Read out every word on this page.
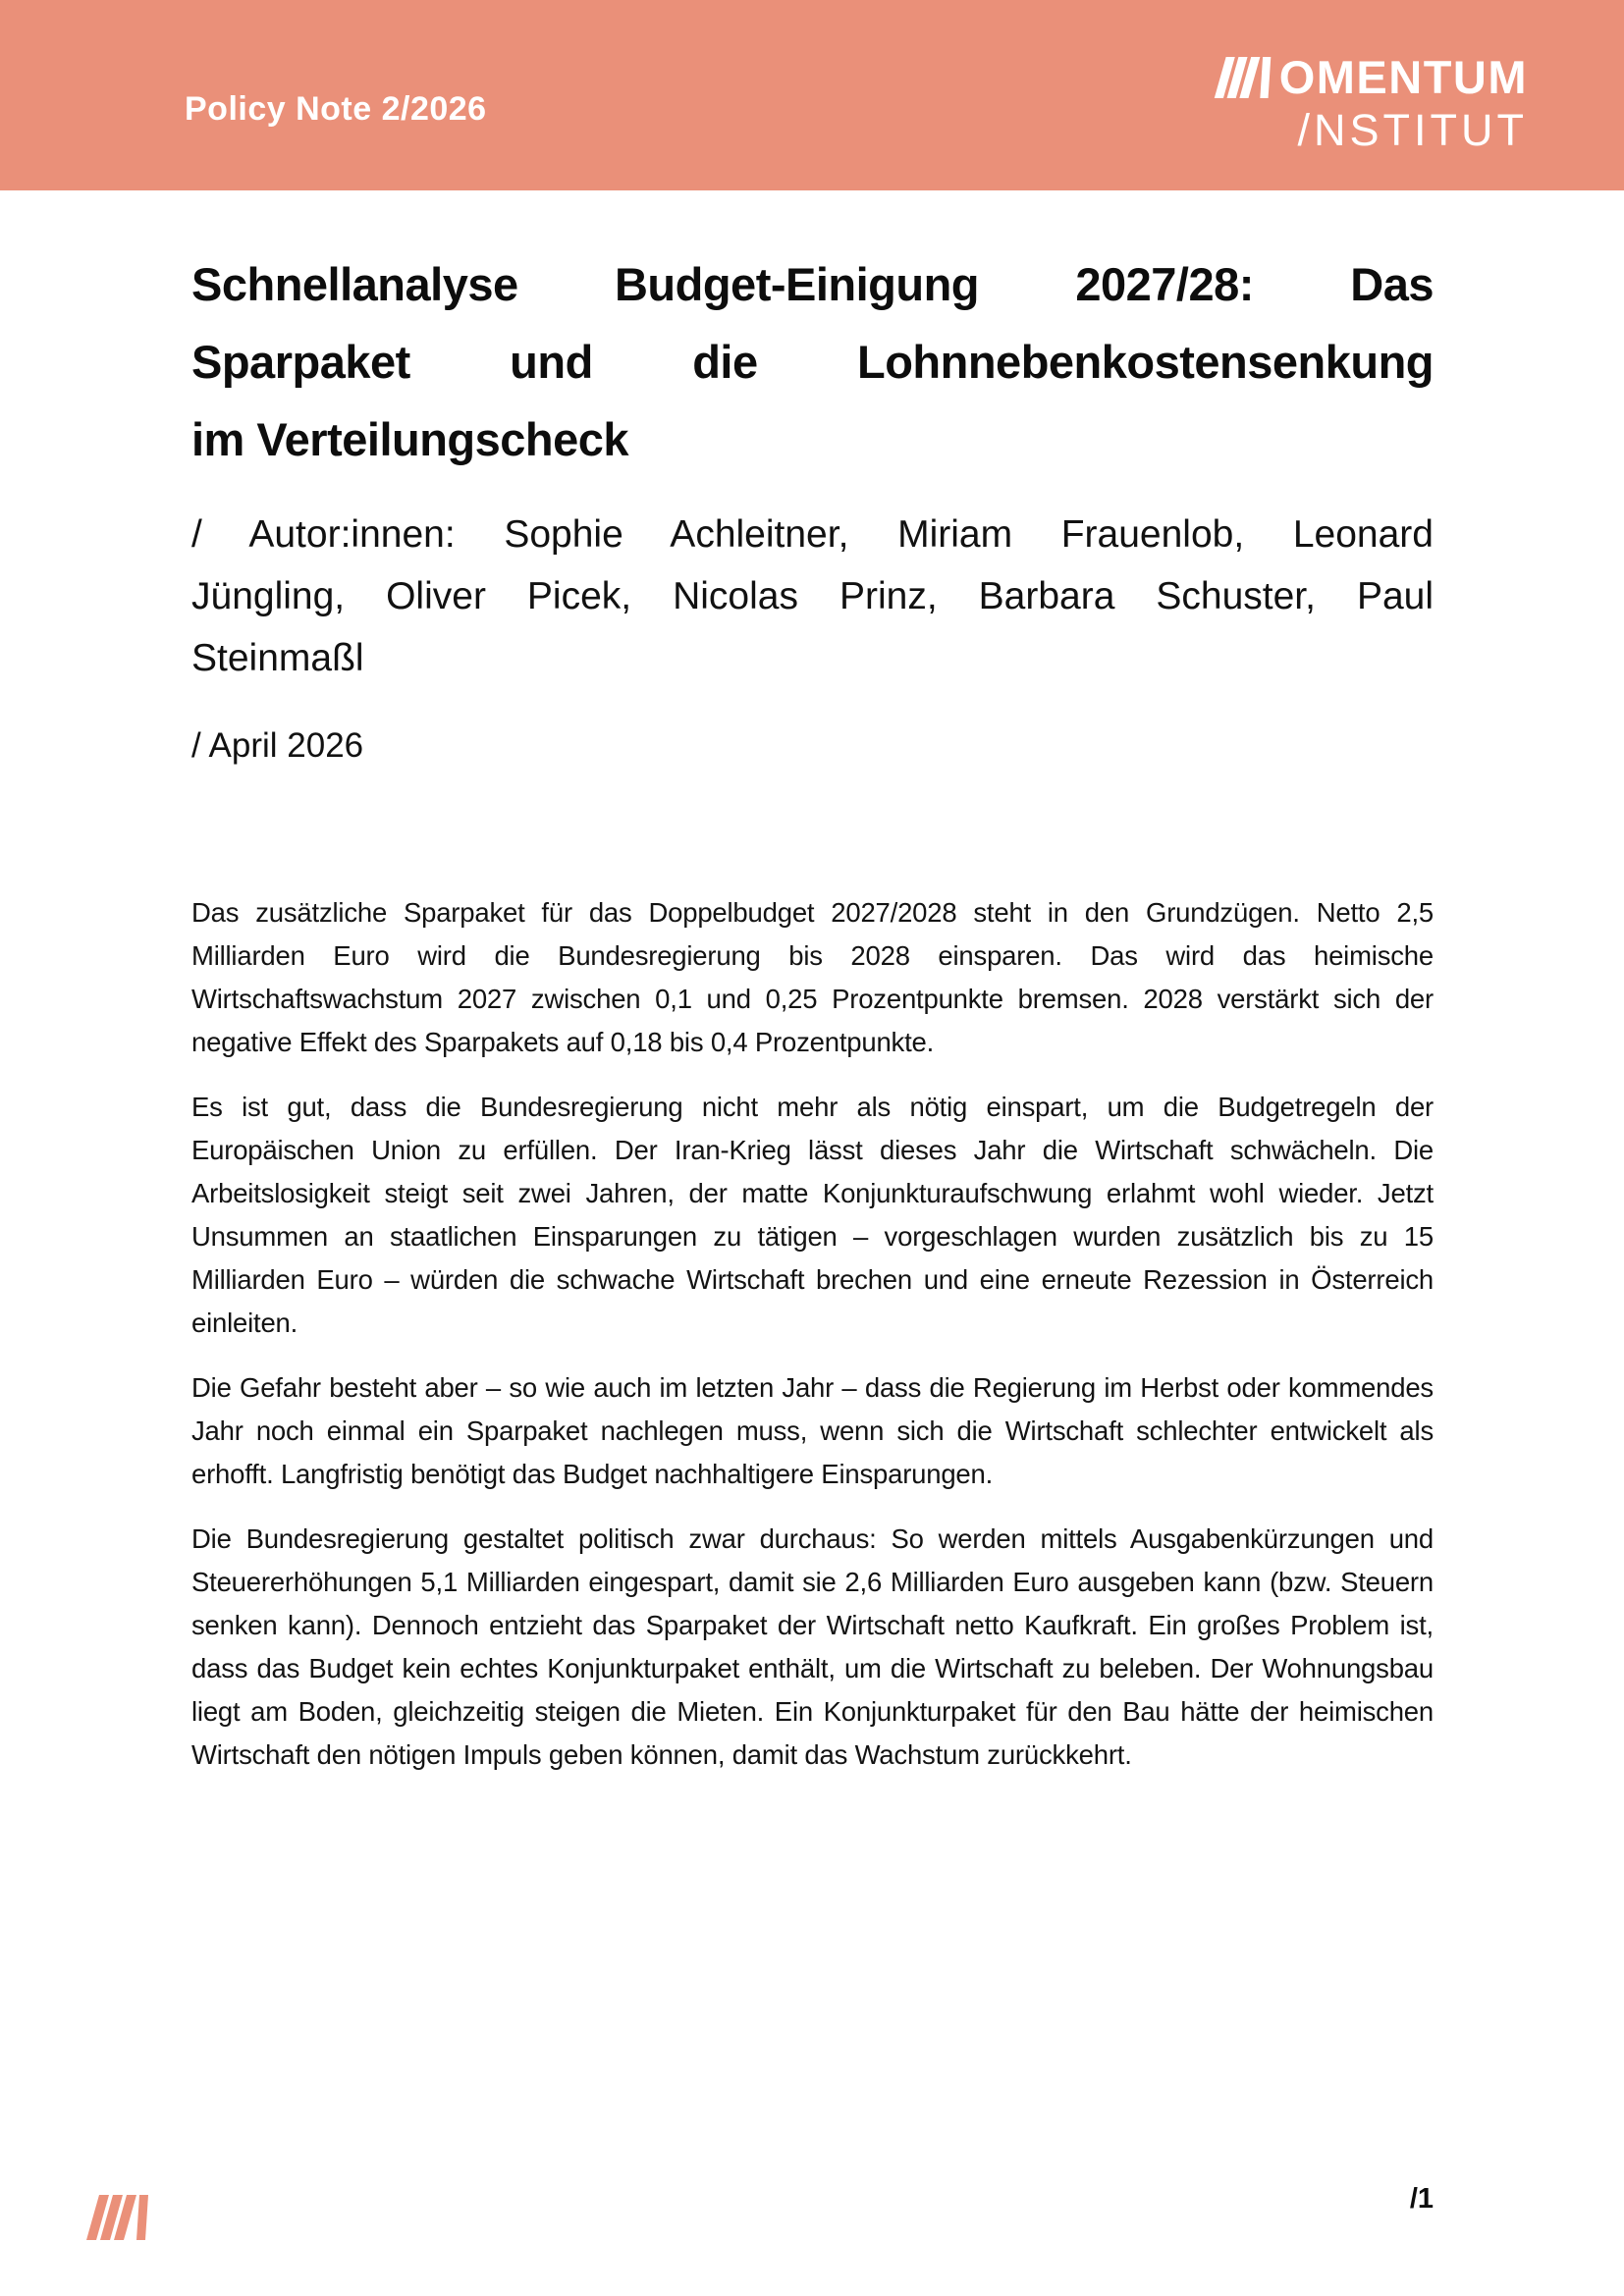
Policy Note 2/2026
OMENTUM
/NSTITUT
Schnellanalyse Budget-Einigung 2027/28: Das
Sparpaket und die Lohnnebenkostensenkung
im Verteilungscheck
/ Autor:innen: Sophie Achleitner, Miriam Frauenlob, Leonard
Jüngling, Oliver Picek, Nicolas Prinz, Barbara Schuster, Paul
Steinmaßl
/ April 2026

Das zusätzliche Sparpaket für das Doppelbudget 2027/2028 steht in den Grundzügen. Netto 2,5 Milliarden Euro wird die Bundesregierung bis 2028 einsparen. Das wird das heimische Wirtschaftswachstum 2027 zwischen 0,1 und 0,25 Prozentpunkte bremsen. 2028 verstärkt sich der negative Effekt des Sparpakets auf 0,18 bis 0,4 Prozentpunkte.

Es ist gut, dass die Bundesregierung nicht mehr als nötig einspart, um die Budgetregeln der Europäischen Union zu erfüllen. Der Iran-Krieg lässt dieses Jahr die Wirtschaft schwächeln. Die Arbeitslosigkeit steigt seit zwei Jahren, der matte Konjunkturaufschwung erlahmt wohl wieder. Jetzt Unsummen an staatlichen Einsparungen zu tätigen – vorgeschlagen wurden zusätzlich bis zu 15 Milliarden Euro – würden die schwache Wirtschaft brechen und eine erneute Rezession in Österreich einleiten.

Die Gefahr besteht aber – so wie auch im letzten Jahr – dass die Regierung im Herbst oder kommendes Jahr noch einmal ein Sparpaket nachlegen muss, wenn sich die Wirtschaft schlechter entwickelt als erhofft. Langfristig benötigt das Budget nachhaltigere Einsparungen.

Die Bundesregierung gestaltet politisch zwar durchaus: So werden mittels Ausgabenkürzungen und Steuererhöhungen 5,1 Milliarden eingespart, damit sie 2,6 Milliarden Euro ausgeben kann (bzw. Steuern senken kann). Dennoch entzieht das Sparpaket der Wirtschaft netto Kaufkraft. Ein großes Problem ist, dass das Budget kein echtes Konjunkturpaket enthält, um die Wirtschaft zu beleben. Der Wohnungsbau liegt am Boden, gleichzeitig steigen die Mieten. Ein Konjunkturpaket für den Bau hätte der heimischen Wirtschaft den nötigen Impuls geben können, damit das Wachstum zurückkehrt.

/1
